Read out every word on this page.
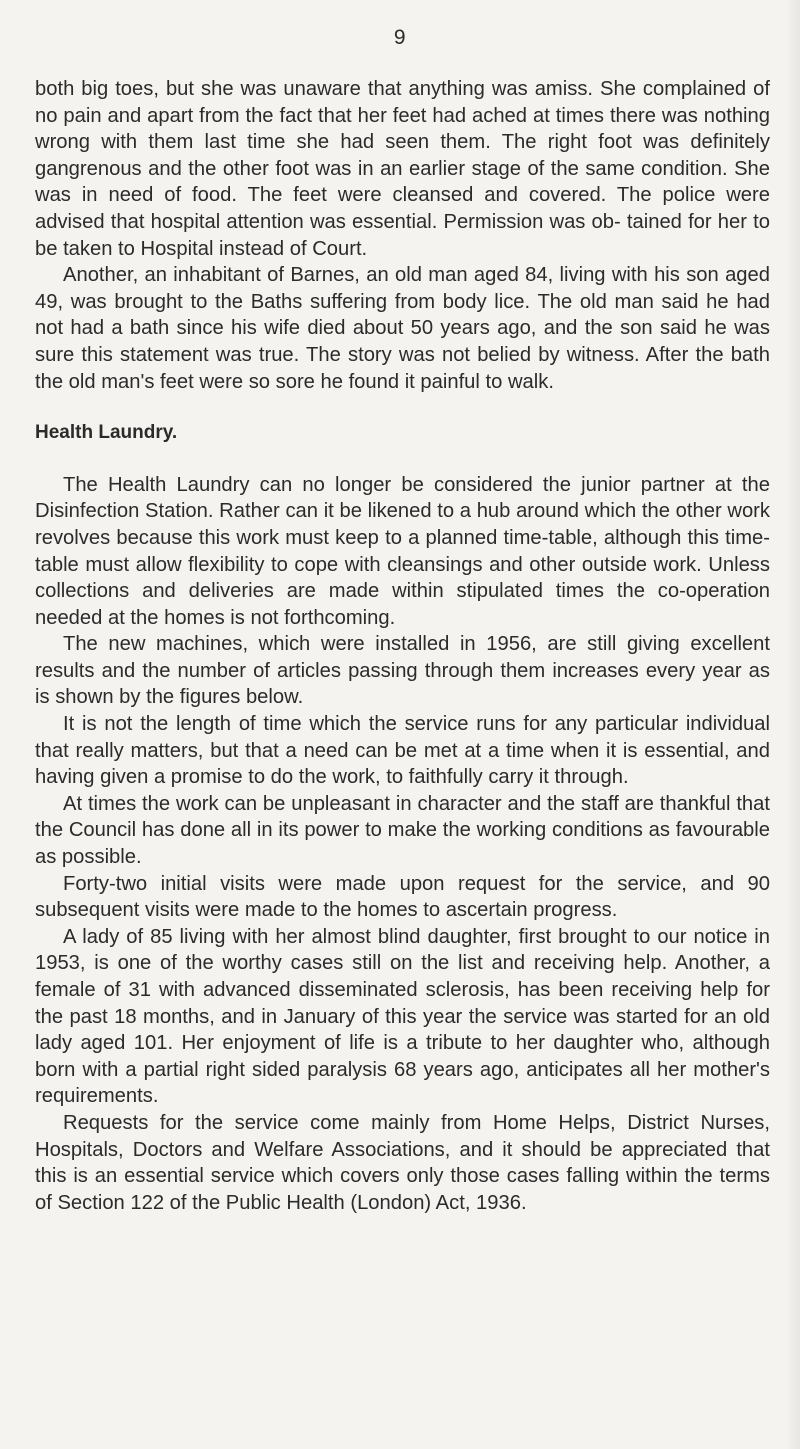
9

both big toes, but she was unaware that anything was amiss. She complained of no pain and apart from the fact that her feet had ached at times there was nothing wrong with them last time she had seen them. The right foot was definitely gangrenous and the other foot was in an earlier stage of the same condition. She was in need of food. The feet were cleansed and covered. The police were advised that hospital attention was essential. Permission was ob- tained for her to be taken to Hospital instead of Court.

Another, an inhabitant of Barnes, an old man aged 84, living with his son aged 49, was brought to the Baths suffering from body lice. The old man said he had not had a bath since his wife died about 50 years ago, and the son said he was sure this statement was true. The story was not belied by witness. After the bath the old man's feet were so sore he found it painful to walk.

Health Laundry.

The Health Laundry can no longer be considered the junior partner at the Disinfection Station. Rather can it be likened to a hub around which the other work revolves because this work must keep to a planned time-table, although this time-table must allow flexibility to cope with cleansings and other outside work. Unless collections and deliveries are made within stipulated times the co-operation needed at the homes is not forthcoming.

The new machines, which were installed in 1956, are still giving excellent results and the number of articles passing through them increases every year as is shown by the figures below.

It is not the length of time which the service runs for any particular individual that really matters, but that a need can be met at a time when it is essential, and having given a promise to do the work, to faithfully carry it through.

At times the work can be unpleasant in character and the staff are thankful that the Council has done all in its power to make the working conditions as favourable as possible.

Forty-two initial visits were made upon request for the service, and 90 subsequent visits were made to the homes to ascertain progress.

A lady of 85 living with her almost blind daughter, first brought to our notice in 1953, is one of the worthy cases still on the list and receiving help. Another, a female of 31 with advanced disseminated sclerosis, has been receiving help for the past 18 months, and in January of this year the service was started for an old lady aged 101. Her enjoyment of life is a tribute to her daughter who, although born with a partial right sided paralysis 68 years ago, anticipates all her mother's requirements.

Requests for the service come mainly from Home Helps, District Nurses, Hospitals, Doctors and Welfare Associations, and it should be appreciated that this is an essential service which covers only those cases falling within the terms of Section 122 of the Public Health (London) Act, 1936.
